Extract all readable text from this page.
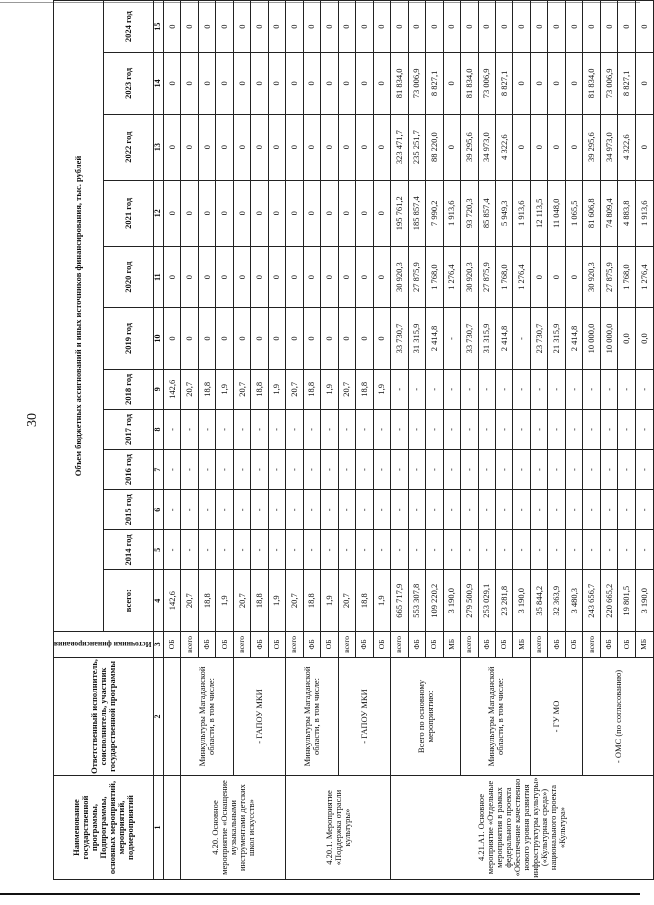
30
Наименование государственной программы, Подпрограммы, основных мероприятий, мероприятий, подмероприятий	Ответственный исполнитель, соисполнитель, участник государственной программы	Источники финансирования	Объем бюджетных ассигнований и иных источников финансирования, тыс. рублей											
			всего:	2014 год	2015 год	2016 год	2017 год	2018 год	2019 год	2020 год	2021 год	2022 год	2023 год	2024 год
1	2	3	4	5	6	7	8	9	10	11	12	13	14	15
		ОБ	142,6	-	-	-	-	142,6	0	0	0	0	0	0
4.20. Основное мероприятие «Оснащение музыкальными инструментами детских школ искусств»	Минкультуры Магаданской области, в том числе:	всего	20,7	-	-	-	-	20,7	0	0	0	0	0	0
		ФБ	18,8	-	-	-	-	18,8	0	0	0	0	0	0
		ОБ	1,9	-	-	-	-	1,9	0	0	0	0	0	0
	- ГАПОУ МКИ	всего	20,7	-	-	-	-	20,7	0	0	0	0	0	0
		ФБ	18,8	-	-	-	-	18,8	0	0	0	0	0	0
		ОБ	1,9	-	-	-	-	1,9	0	0	0	0	0	0
4.20.1. Мероприятие «Поддержка отрасли культуры»	Минкультуры Магаданской области, в том числе:	всего	20,7	-	-	-	-	20,7	0	0	0	0	0	0
		ФБ	18,8	-	-	-	-	18,8	0	0	0	0	0	0
		ОБ	1,9	-	-	-	-	1,9	0	0	0	0	0	0
	- ГАПОУ МКИ	всего	20,7	-	-	-	-	20,7	0	0	0	0	0	0
		ФБ	18,8	-	-	-	-	18,8	0	0	0	0	0	0
		ОБ	1,9	-	-	-	-	1,9	0	0	0	0	0	0
4.21.А1. Основное мероприятие «Отдельные мероприятия в рамках федерального проекта «Обеспечение качественно нового уровня развития инфраструктуры культуры» («Культурная среда») национального проекта «Культура»	Всего по основному мероприятию:	всего	665 717,9	-	-	-	-	-	33 730,7	30 920,3	195 761,2	323 471,7	81 834,0	0
		ФБ	553 307,8	-	-	-	-	-	31 315,9	27 875,9	185 857,4	235 251,7	73 006,9	0
		ОБ	109 220,2	-	-	-	-	-	2 414,8	1 768,0	7 990,2	88 220,0	8 827,1	0
		МБ	3 190,0	-	-	-	-	-	-	1 276,4	1 913,6	0	0	0
	Минкультуры Магаданской области, в том числе:	всего	279 500,9	-	-	-	-	-	33 730,7	30 920,3	93 720,3	39 295,6	81 834,0	0
		ФБ	253 029,1	-	-	-	-	-	31 315,9	27 875,9	85 857,4	34 973,0	73 006,9	0
		ОБ	23 281,8	-	-	-	-	-	2 414,8	1 768,0	5 949,3	4 322,6	8 827,1	0
		МБ	3 190,0	-	-	-	-	-	-	1 276,4	1 913,6	0	0	0
	- ГУ МО	всего	35 844,2	-	-	-	-	-	23 730,7	0	12 113,5	0	0	0
		ФБ	32 363,9	-	-	-	-	-	21 315,9	0	11 048,0	0	0	0
		ОБ	3 480,3	-	-	-	-	-	2 414,8	0	1 065,5	0	0	0
	- ОМС (по согласованию)	всего	243 656,7	-	-	-	-	-	10 000,0	30 920,3	81 606,8	39 295,6	81 834,0	0
		ФБ	220 665,2	-	-	-	-	-	10 000,0	27 875,9	74 809,4	34 973,0	73 006,9	0
		ОБ	19 801,5	-	-	-	-	-	0,0	1 768,0	4 883,8	4 322,6	8 827,1	0
		МБ	3 190,0	-	-	-	-	-	0,0	1 276,4	1 913,6	0	0	0
